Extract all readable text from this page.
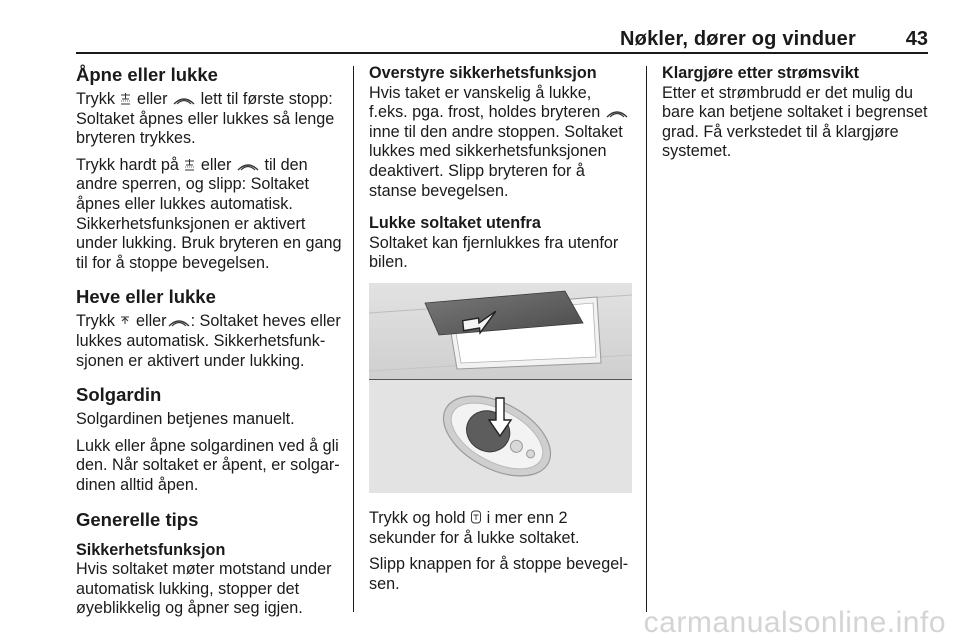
Nøkler, dører og vinduer 43
Åpne eller lukke
Trykk eller lett til første stopp: Soltaket åpnes eller lukkes så lenge bryteren trykkes.
Trykk hardt på eller til den andre sperren, og slipp: Soltaket åpnes eller lukkes automatisk. Sikkerhetsfunksjonen er aktivert under lukking. Bruk bryteren en gang til for å stoppe bevegelsen.
Heve eller lukke
Trykk eller : Soltaket heves eller lukkes automatisk. Sikkerhetsfunksjonen er aktivert under lukking.
Solgardin
Solgardinen betjenes manuelt.
Lukk eller åpne solgardinen ved å gli den. Når soltaket er åpent, er solgardinen alltid åpen.
Generelle tips
Sikkerhetsfunksjon
Hvis soltaket møter motstand under automatisk lukking, stopper det øyeblikkelig og åpner seg igjen.
Overstyre sikkerhetsfunksjon
Hvis taket er vanskelig å lukke, f.eks. pga. frost, holdes bryteren  inne til den andre stoppen. Soltaket lukkes med sikkerhetsfunksjonen deaktivert. Slipp bryteren for å stanse bevegelsen.
Lukke soltaket utenfra
Soltaket kan fjernlukkes fra utenfor bilen.
Trykk og hold i mer enn 2 sekunder for å lukke soltaket.
Slipp knappen for å stoppe bevegelsen.
Klargjøre etter strømsvikt
Etter et strømbrudd er det mulig du bare kan betjene soltaket i begrenset grad. Få verkstedet til å klargjøre systemet.
carmanualsonline.info
